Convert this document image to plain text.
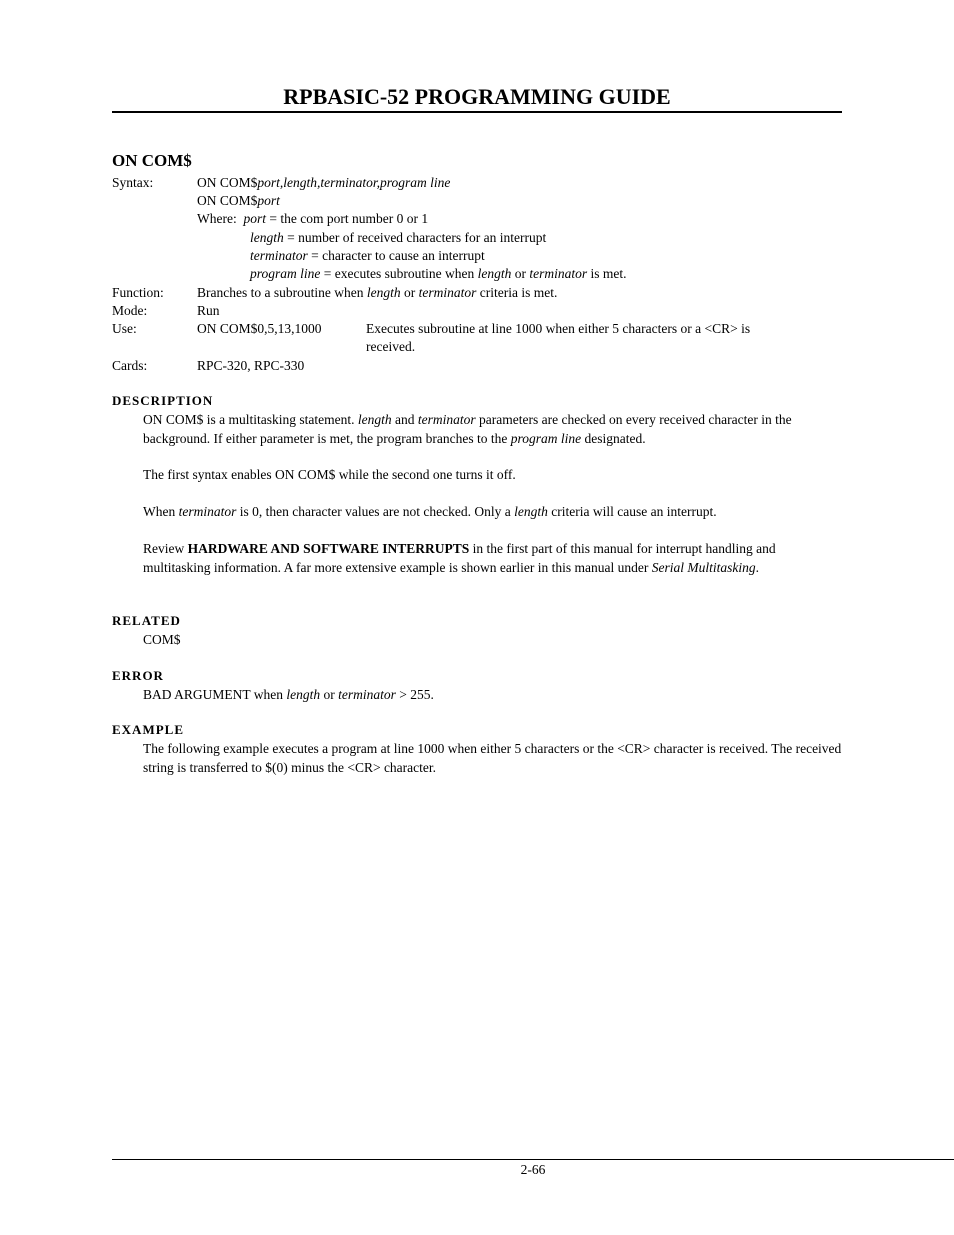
RPBASIC-52 PROGRAMMING GUIDE
ON COM$
Syntax:	ON COM$port,length,terminator,program line
ON COM$port
Where: port = the com port number 0 or 1
length = number of received characters for an interrupt
terminator = character to cause an interrupt
program line = executes subroutine when length or terminator is met.
Function: Branches to a subroutine when length or terminator criteria is met.
Mode:	Run
Use:	ON COM$0,5,13,1000	Executes subroutine at line 1000 when either 5 characters or a <CR> is
received.
Cards:	RPC-320, RPC-330
DESCRIPTION
ON COM$ is a multitasking statement. length and terminator parameters are checked on every received character in the background. If either parameter is met, the program branches to the program line designated.
The first syntax enables ON COM$ while the second one turns it off.
When terminator is 0, then character values are not checked. Only a length criteria will cause an interrupt.
Review HARDWARE AND SOFTWARE INTERRUPTS in the first part of this manual for interrupt handling and multitasking information. A far more extensive example is shown earlier in this manual under Serial Multitasking.
RELATED
COM$
ERROR
BAD ARGUMENT when length or terminator > 255.
EXAMPLE
The following example executes a program at line 1000 when either 5 characters or the <CR> character is received. The received string is transferred to $(0) minus the <CR> character.
2-66
